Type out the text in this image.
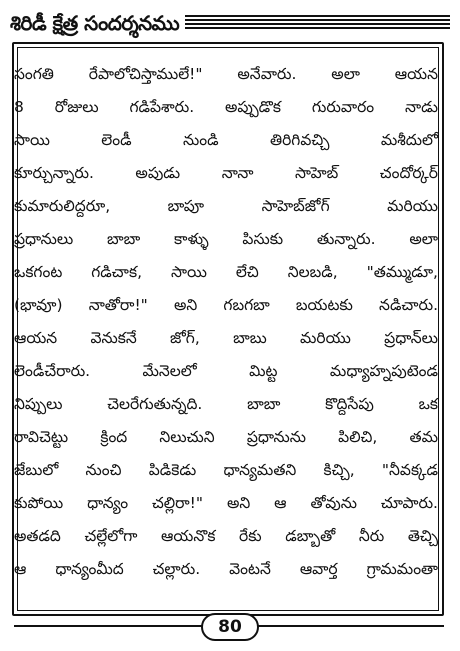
శిరిడీ క్షేత్ర సందర్శనము
సంగతి రేపాలోచిస్తాములే!" అనేవారు. అలా ఆయన
8 రోజులు గడిపేశారు. అప్పుడొక గురువారం నాడు
సాయి లెండీ నుండి తిరిగివచ్చి మశీదులో
కూర్చున్నారు. అపుడు నానా సాహెబ్ చందోర్కర్
కుమారులిద్దరూ, బాపూ సాహెబ్‌జోగ్ మరియు
ప్రధానులు బాబా కాళ్ళు పిసుకు తున్నారు. అలా
ఒకగంట గడిచాక, సాయి లేచి నిలబడి, "తమ్ముడూ,
(భావూ) నాతోరా!" అని గబగబా బయటకు నడిచారు.
ఆయన వెనుకనే జోగ్, బాబు మరియు ప్రధాన్‌లు
లెండీచేరారు. మేనెలలో మిట్ట మధ్యాహ్నపుటెండ
నిప్పులు చెలరేగుతున్నది. బాబా కొద్దిసేపు ఒక
రావిచెట్టు క్రింద నిలుచుని ప్రధానును పిలిచి, తమ
జేబులో నుంచి పిడికెడు ధాన్యమతని కిచ్చి, "నీవక్కడ
కుపోయి ధాన్యం చల్లిరా!" అని ఆ తోవును చూపారు.
అతడది చల్లేలోగా ఆయనొక రేకు డబ్బాతో నీరు తెచ్చి
ఆ ధాన్యంమీద చల్లారు. వెంటనే ఆవార్త గ్రామమంతా
80
